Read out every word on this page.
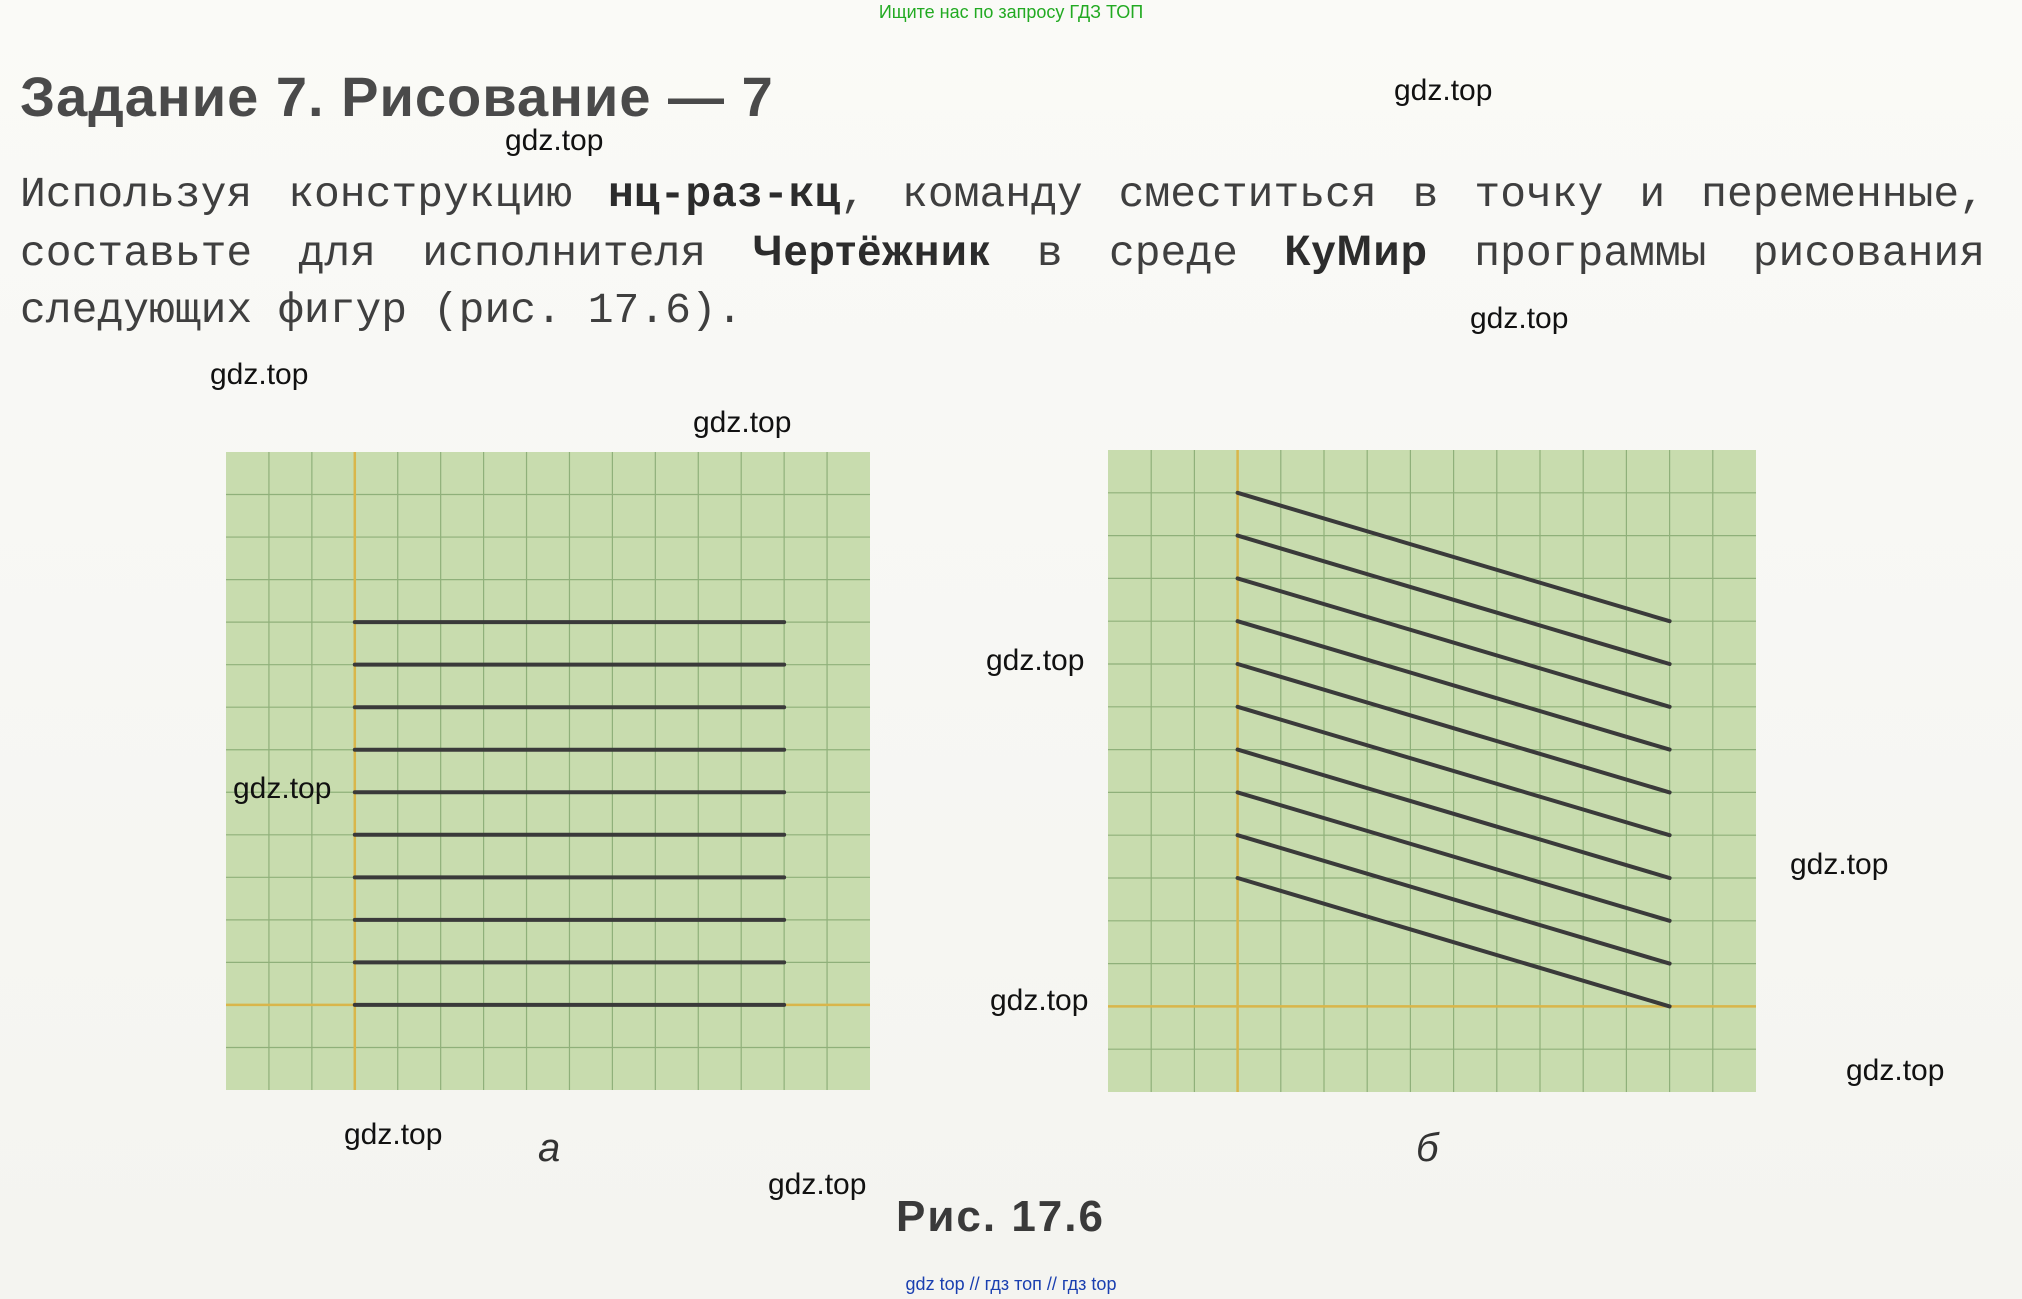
Ищите нас по запросу ГДЗ ТОП
Задание 7. Рисование — 7
Используя конструкцию нц-раз-кц, команду сместиться в точку и переменные, составьте для исполнителя Чертёжник в среде КуМир программы рисования следующих фигур (рис. 17.6).
а	б
Рис. 17.6
gdz.top
gdz.top
gdz.top
gdz.top
gdz.top
gdz.top
gdz.top
gdz.top
gdz.top
gdz.top
gdz.top
gdz.top
gdz top // гдз топ // гдз top
